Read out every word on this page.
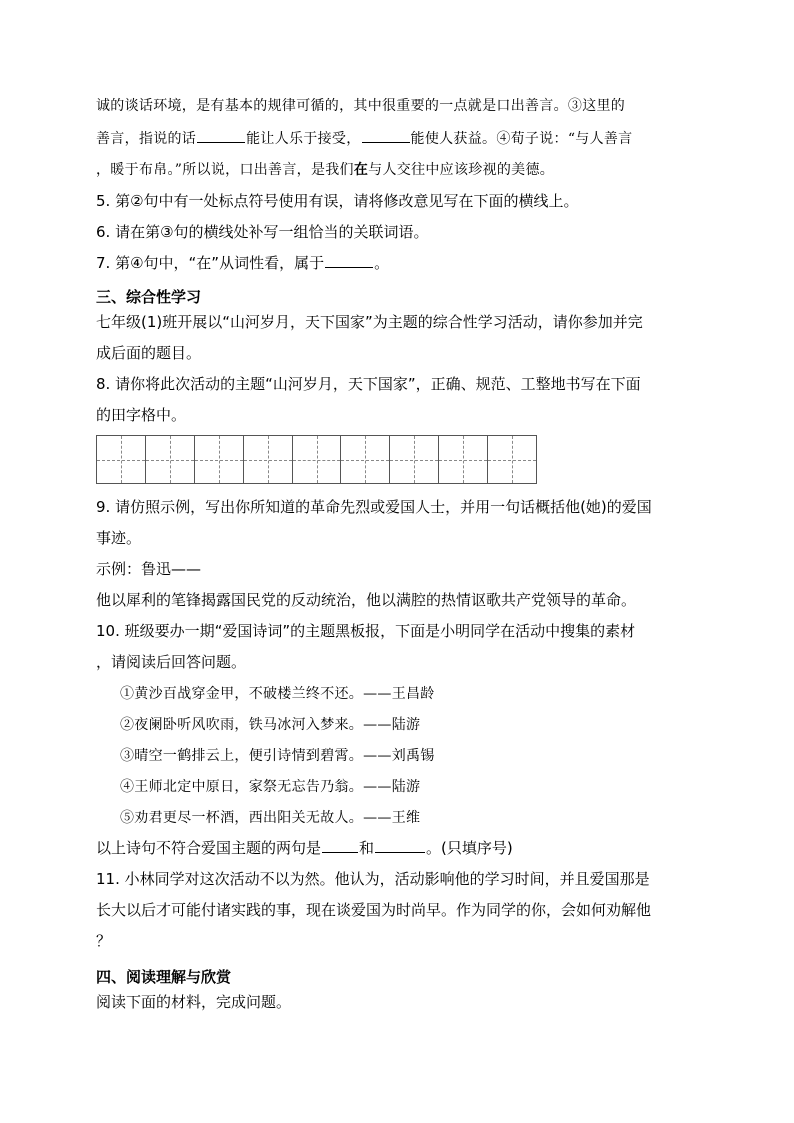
诚的谈话环境，是有基本的规律可循的，其中很重要的一点就是口出善言。③这里的
善言，指说的话	能让人乐于接受，	能使人获益。④荀子说：“与人善言
，暖于布帛。”所以说，口出善言，是我们在与人交往中应该珍视的美德。
5. 第②句中有一处标点符号使用有误，请将修改意见写在下面的横线上。
6. 请在第③句的横线处补写一组恰当的关联词语。
7. 第④句中，“在”从词性看，属于	。
三、综合性学习
七年级(1)班开展以“山河岁月，天下国家”为主题的综合性学习活动，请你参加并完
成后面的题目。
8. 请你将此次活动的主题“山河岁月，天下国家”，正确、规范、工整地书写在下面
的田字格中。
9. 请仿照示例，写出你所知道的革命先烈或爱国人士，并用一句话概括他(她)的爱国
事迹。
示例：鲁迅——
他以犀利的笔锋揭露国民党的反动统治，他以满腔的热情讴歌共产党领导的革命。
10. 班级要办一期“爱国诗词”的主题黑板报，下面是小明同学在活动中搜集的素材
，请阅读后回答问题。
①黄沙百战穿金甲，不破楼兰终不还。——王昌龄
②夜阑卧听风吹雨，铁马冰河入梦来。——陆游
③晴空一鹤排云上，便引诗情到碧霄。——刘禹锡
④王师北定中原日，家祭无忘告乃翁。——陆游
⑤劝君更尽一杯酒，西出阳关无故人。——王维
以上诗句不符合爱国主题的两句是	和	。(只填序号)
11. 小林同学对这次活动不以为然。他认为，活动影响他的学习时间，并且爱国那是
长大以后才可能付诸实践的事，现在谈爱国为时尚早。作为同学的你，会如何劝解他
？
四、阅读理解与欣赏
阅读下面的材料，完成问题。
